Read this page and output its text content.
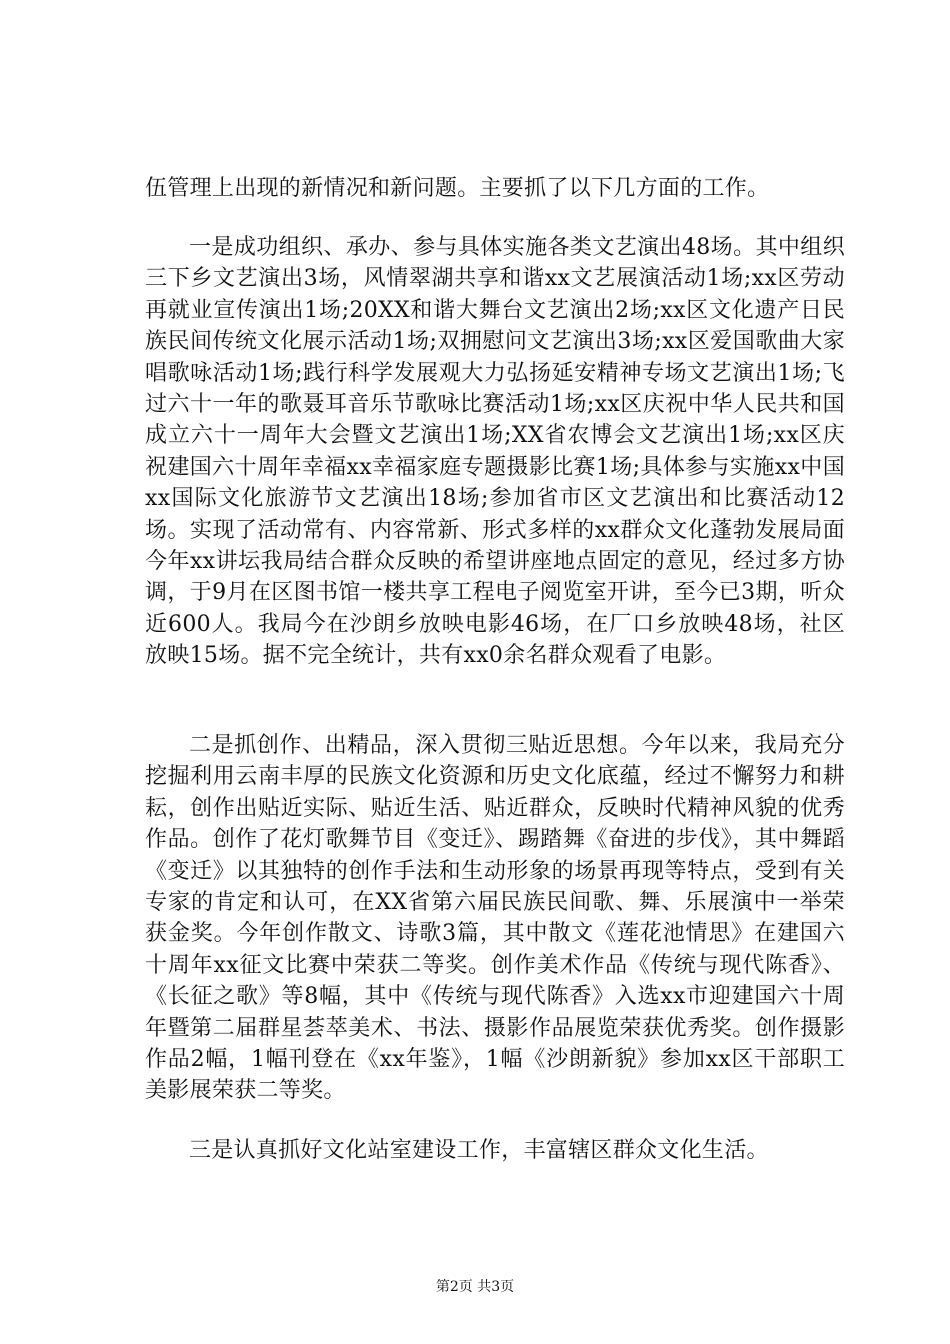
伍管理上出现的新情况和新问题。主要抓了以下几方面的工作。

一是成功组织、承办、参与具体实施各类文艺演出48场。其中组织三下乡文艺演出3场，风情翠湖共享和谐xx文艺展演活动1场;xx区劳动再就业宣传演出1场;20XX和谐大舞台文艺演出2场;xx区文化遗产日民族民间传统文化展示活动1场;双拥慰问文艺演出3场;xx区爱国歌曲大家唱歌咏活动1场;践行科学发展观大力弘扬延安精神专场文艺演出1场;飞过六十一年的歌聂耳音乐节歌咏比赛活动1场;xx区庆祝中华人民共和国成立六十一周年大会暨文艺演出1场;XX省农博会文艺演出1场;xx区庆祝建国六十周年幸福xx幸福家庭专题摄影比赛1场;具体参与实施xx中国xx国际文化旅游节文艺演出18场;参加省市区文艺演出和比赛活动12场。实现了活动常有、内容常新、形式多样的xx群众文化蓬勃发展局面今年xx讲坛我局结合群众反映的希望讲座地点固定的意见，经过多方协调，于9月在区图书馆一楼共享工程电子阅览室开讲，至今已3期，听众近600人。我局今在沙朗乡放映电影46场，在厂口乡放映48场，社区放映15场。据不完全统计，共有xx0余名群众观看了电影。

二是抓创作、出精品，深入贯彻三贴近思想。今年以来，我局充分挖掘利用云南丰厚的民族文化资源和历史文化底蕴，经过不懈努力和耕耘，创作出贴近实际、贴近生活、贴近群众，反映时代精神风貌的优秀作品。创作了花灯歌舞节目《变迁》、踢踏舞《奋进的步伐》，其中舞蹈《变迁》以其独特的创作手法和生动形象的场景再现等特点，受到有关专家的肯定和认可，在XX省第六届民族民间歌、舞、乐展演中一举荣获金奖。今年创作散文、诗歌3篇，其中散文《莲花池情思》在建国六十周年xx征文比赛中荣获二等奖。创作美术作品《传统与现代陈香》、《长征之歌》等8幅，其中《传统与现代陈香》入选xx市迎建国六十周年暨第二届群星荟萃美术、书法、摄影作品展览荣获优秀奖。创作摄影作品2幅，1幅刊登在《xx年鉴》，1幅《沙朗新貌》参加xx区干部职工美影展荣获二等奖。

三是认真抓好文化站室建设工作，丰富辖区群众文化生活。

第2页 共3页
